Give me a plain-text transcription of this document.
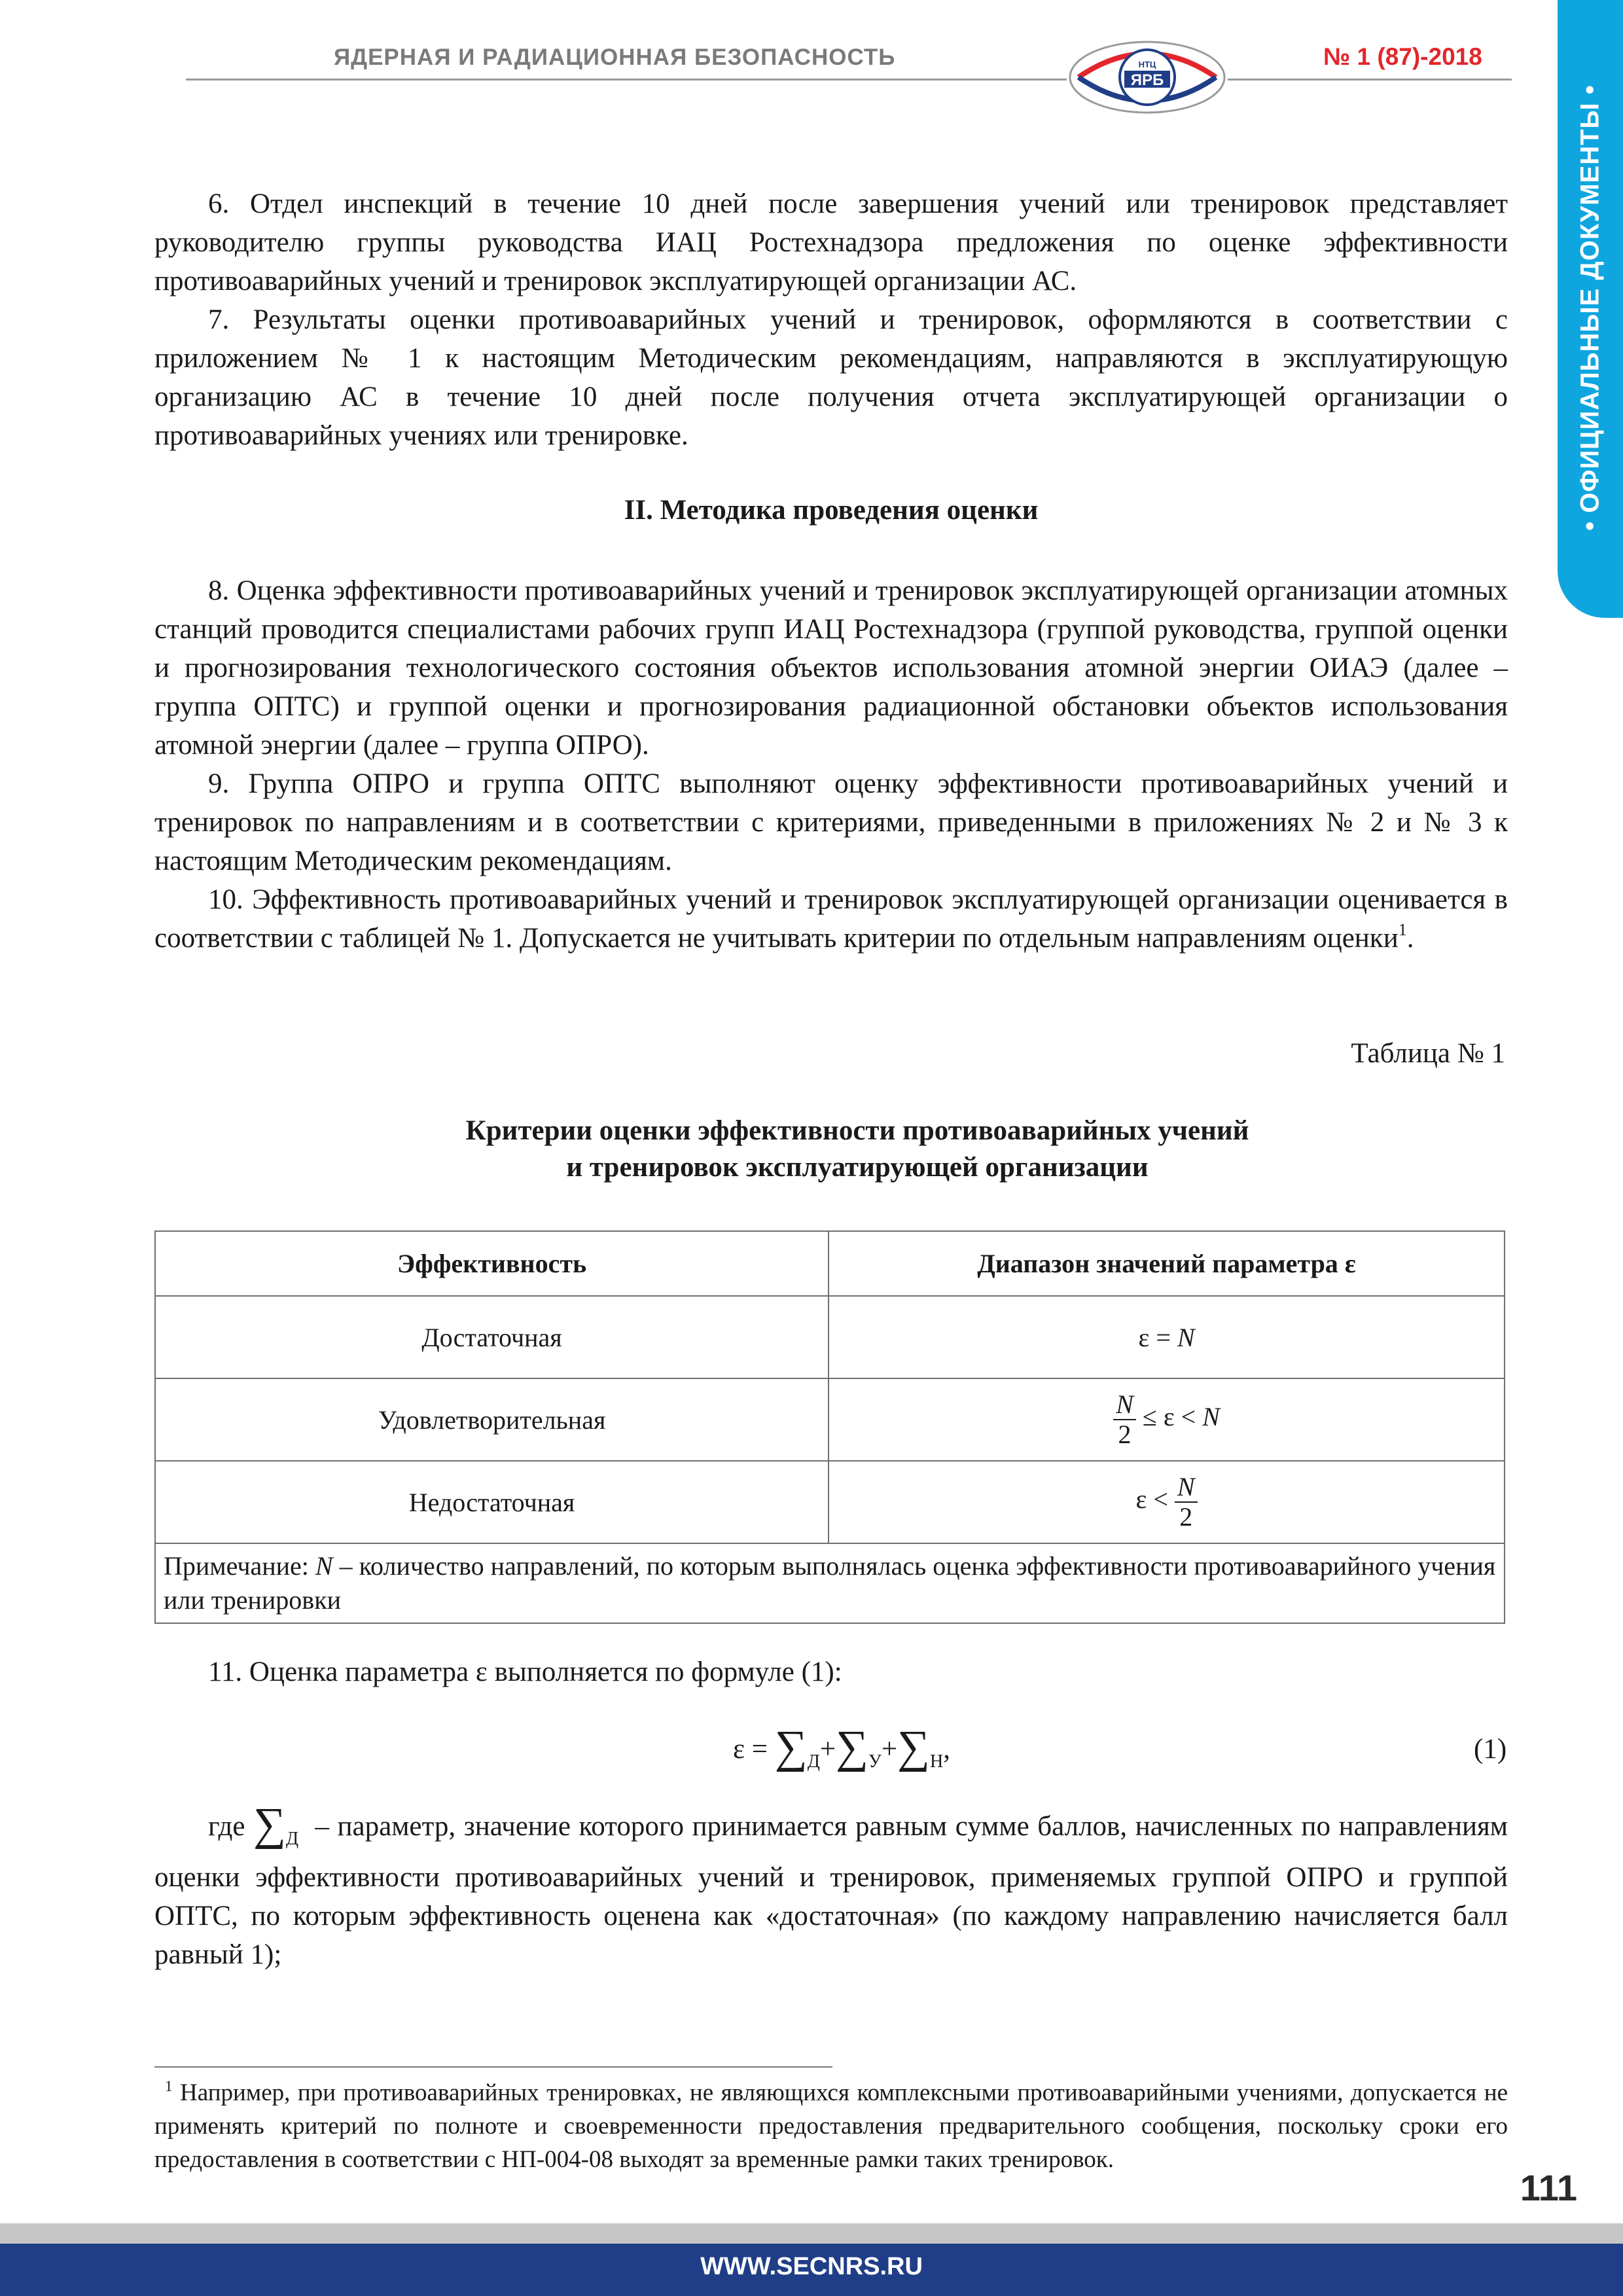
ЯДЕРНАЯ И РАДИАЦИОННАЯ БЕЗОПАСНОСТЬ	НТЦ
ЯРБ
№ 1 (87)-2018
• ОФИЦИАЛЬНЫЕ ДОКУМЕНТЫ •

6. Отдел инспекций в течение 10 дней после завершения учений или тренировок представляет руководителю группы руководства ИАЦ Ростехнадзора предложения по оценке эффективности противоаварийных учений и тренировок эксплуатирующей организации АС.

7. Результаты оценки противоаварийных учений и тренировок, оформляются в соответствии с приложением № 1 к настоящим Методическим рекомендациям, направляются в эксплуатирующую организацию АС в течение 10 дней после получения отчета эксплуатирующей организации о противоаварийных учениях или тренировке.

II. Методика проведения оценки

8. Оценка эффективности противоаварийных учений и тренировок эксплуатирующей организации атомных станций проводится специалистами рабочих групп ИАЦ Ростехнадзора (группой руководства, группой оценки и прогнозирования технологического состояния объектов использования атомной энергии ОИАЭ (далее – группа ОПТС) и группой оценки и прогнозирования радиационной обстановки объектов использования атомной энергии (далее – группа ОПРО).

9. Группа ОПРО и группа ОПТС выполняют оценку эффективности противоаварийных учений и тренировок по направлениям и в соответствии с критериями, приведенными в приложениях № 2 и № 3 к настоящим Методическим рекомендациям.

10. Эффективность противоаварийных учений и тренировок эксплуатирующей организации оценивается в соответствии с таблицей № 1. Допускается не учитывать критерии по отдельным направлениям оценки$^1$.

Таблица № 1
Критерии оценки эффективности противоаварийных учений
и тренировок эксплуатирующей организации
Эффективность	Диапазон значений параметра ε
Достаточная	ε = N
Удовлетворительная	$\frac{N}{2} \le \varepsilon < N$
Недостаточная	$\varepsilon < \frac{N}{2}$

Примечание: N – количество направлений, по которым выполнялась оценка эффективности противоаварийного учения или тренировки	
11. Оценка параметра ε выполняется по формуле (1):
$\varepsilon = \sum_Д+\sum_У+\sum_Н$,	(1)

где $\sum_Д$  – параметр, значение которого принимается равным сумме баллов, начисленных по направлениям оценки эффективности противоаварийных учений и тренировок, применяемых группой ОПРО и группой ОПТС, по которым эффективность оценена как «достаточная» (по каждому направлению начисляется балл равный 1);

$^1$ Например, при противоаварийных тренировках, не являющихся комплексными противоаварийными учениями, допускается не применять критерий по полноте и своевременности предоставления предварительного сообщения, поскольку сроки его предоставления в соответствии с НП-004-08 выходят за временные рамки таких тренировок.

111
WWW.SECNRS.RU
